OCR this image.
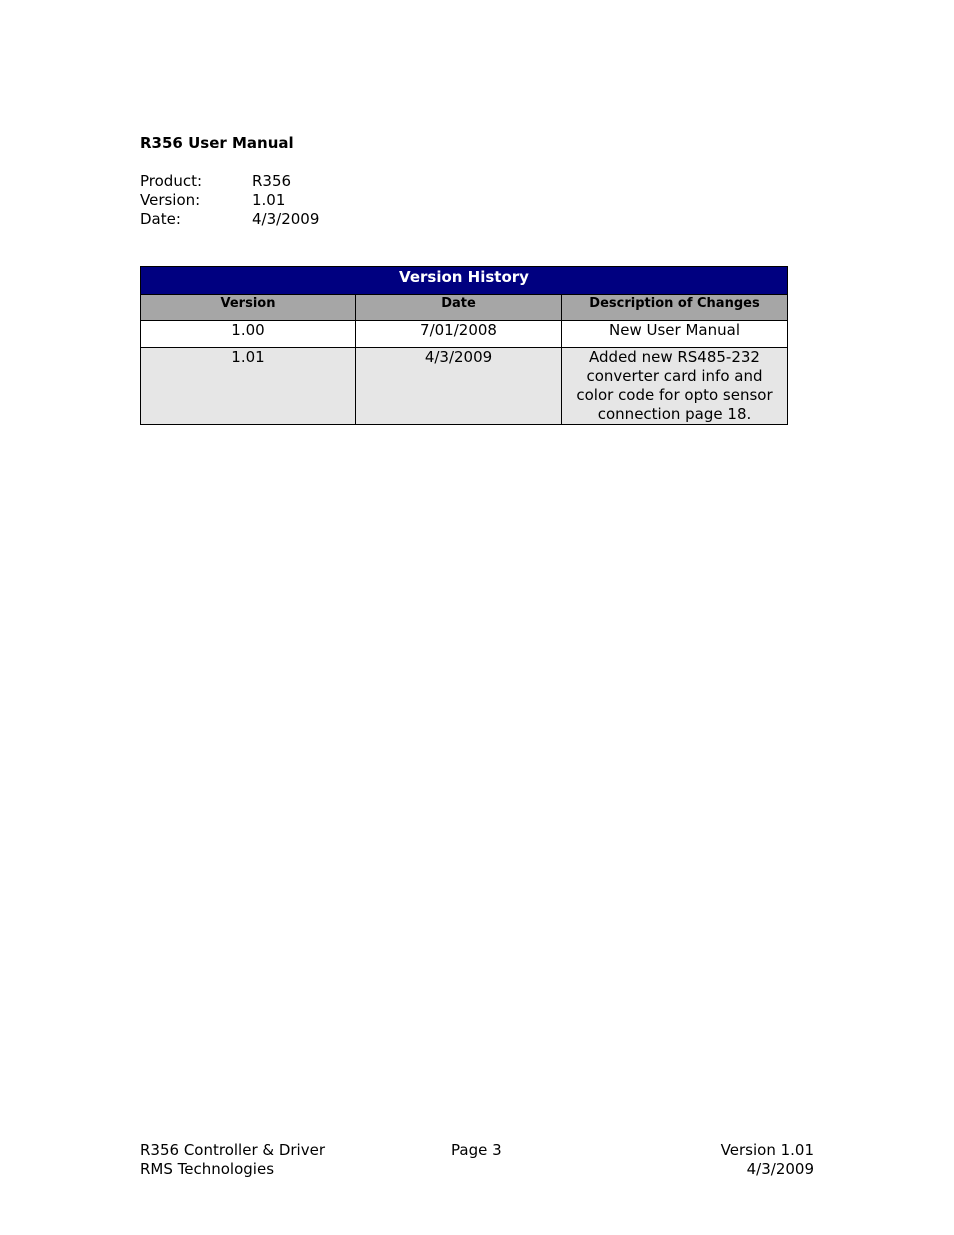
R356 User Manual
Product:	R356
Version:	1.01
Date:	4/3/2009
Version History		
Version	Date	Description of Changes
1.00	7/01/2008	New User Manual
1.01	4/3/2009	Added new RS485-232
converter card info and
color code for opto sensor
connection page 18.
R356 Controller & Driver
RMS Technologies
Page 3	Version 1.01
4/3/2009
